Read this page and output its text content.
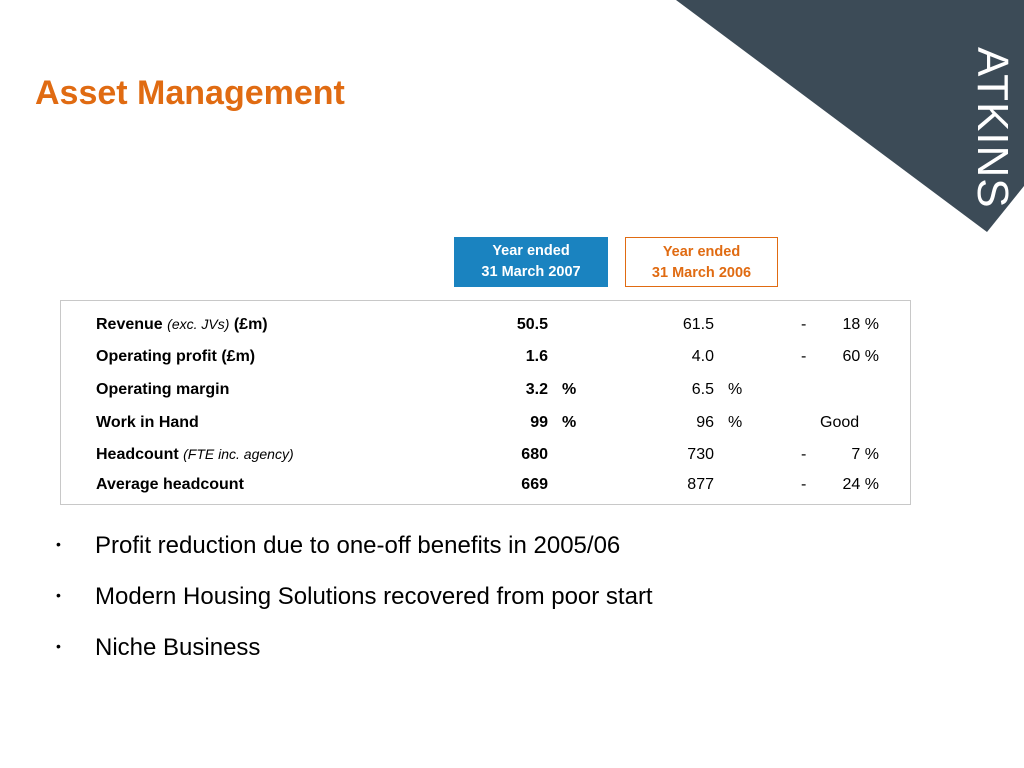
ATKINS
Asset Management
Year ended
31 March 2007
Year ended
31 March 2006
Revenue (exc. JVs) (£m)	50.5	61.5	- 18 %
Operating profit (£m)	1.6	4.0	- 60 %
Operating margin	3.2 %	6.5 %
Work in Hand	99 %	96 %	Good
Headcount (FTE inc. agency)	680	730	-	7 %
Average headcount	669	877	- 24 %
• Profit reduction due to one-off benefits in 2005/06
• Modern Housing Solutions recovered from poor start
• Niche Business
